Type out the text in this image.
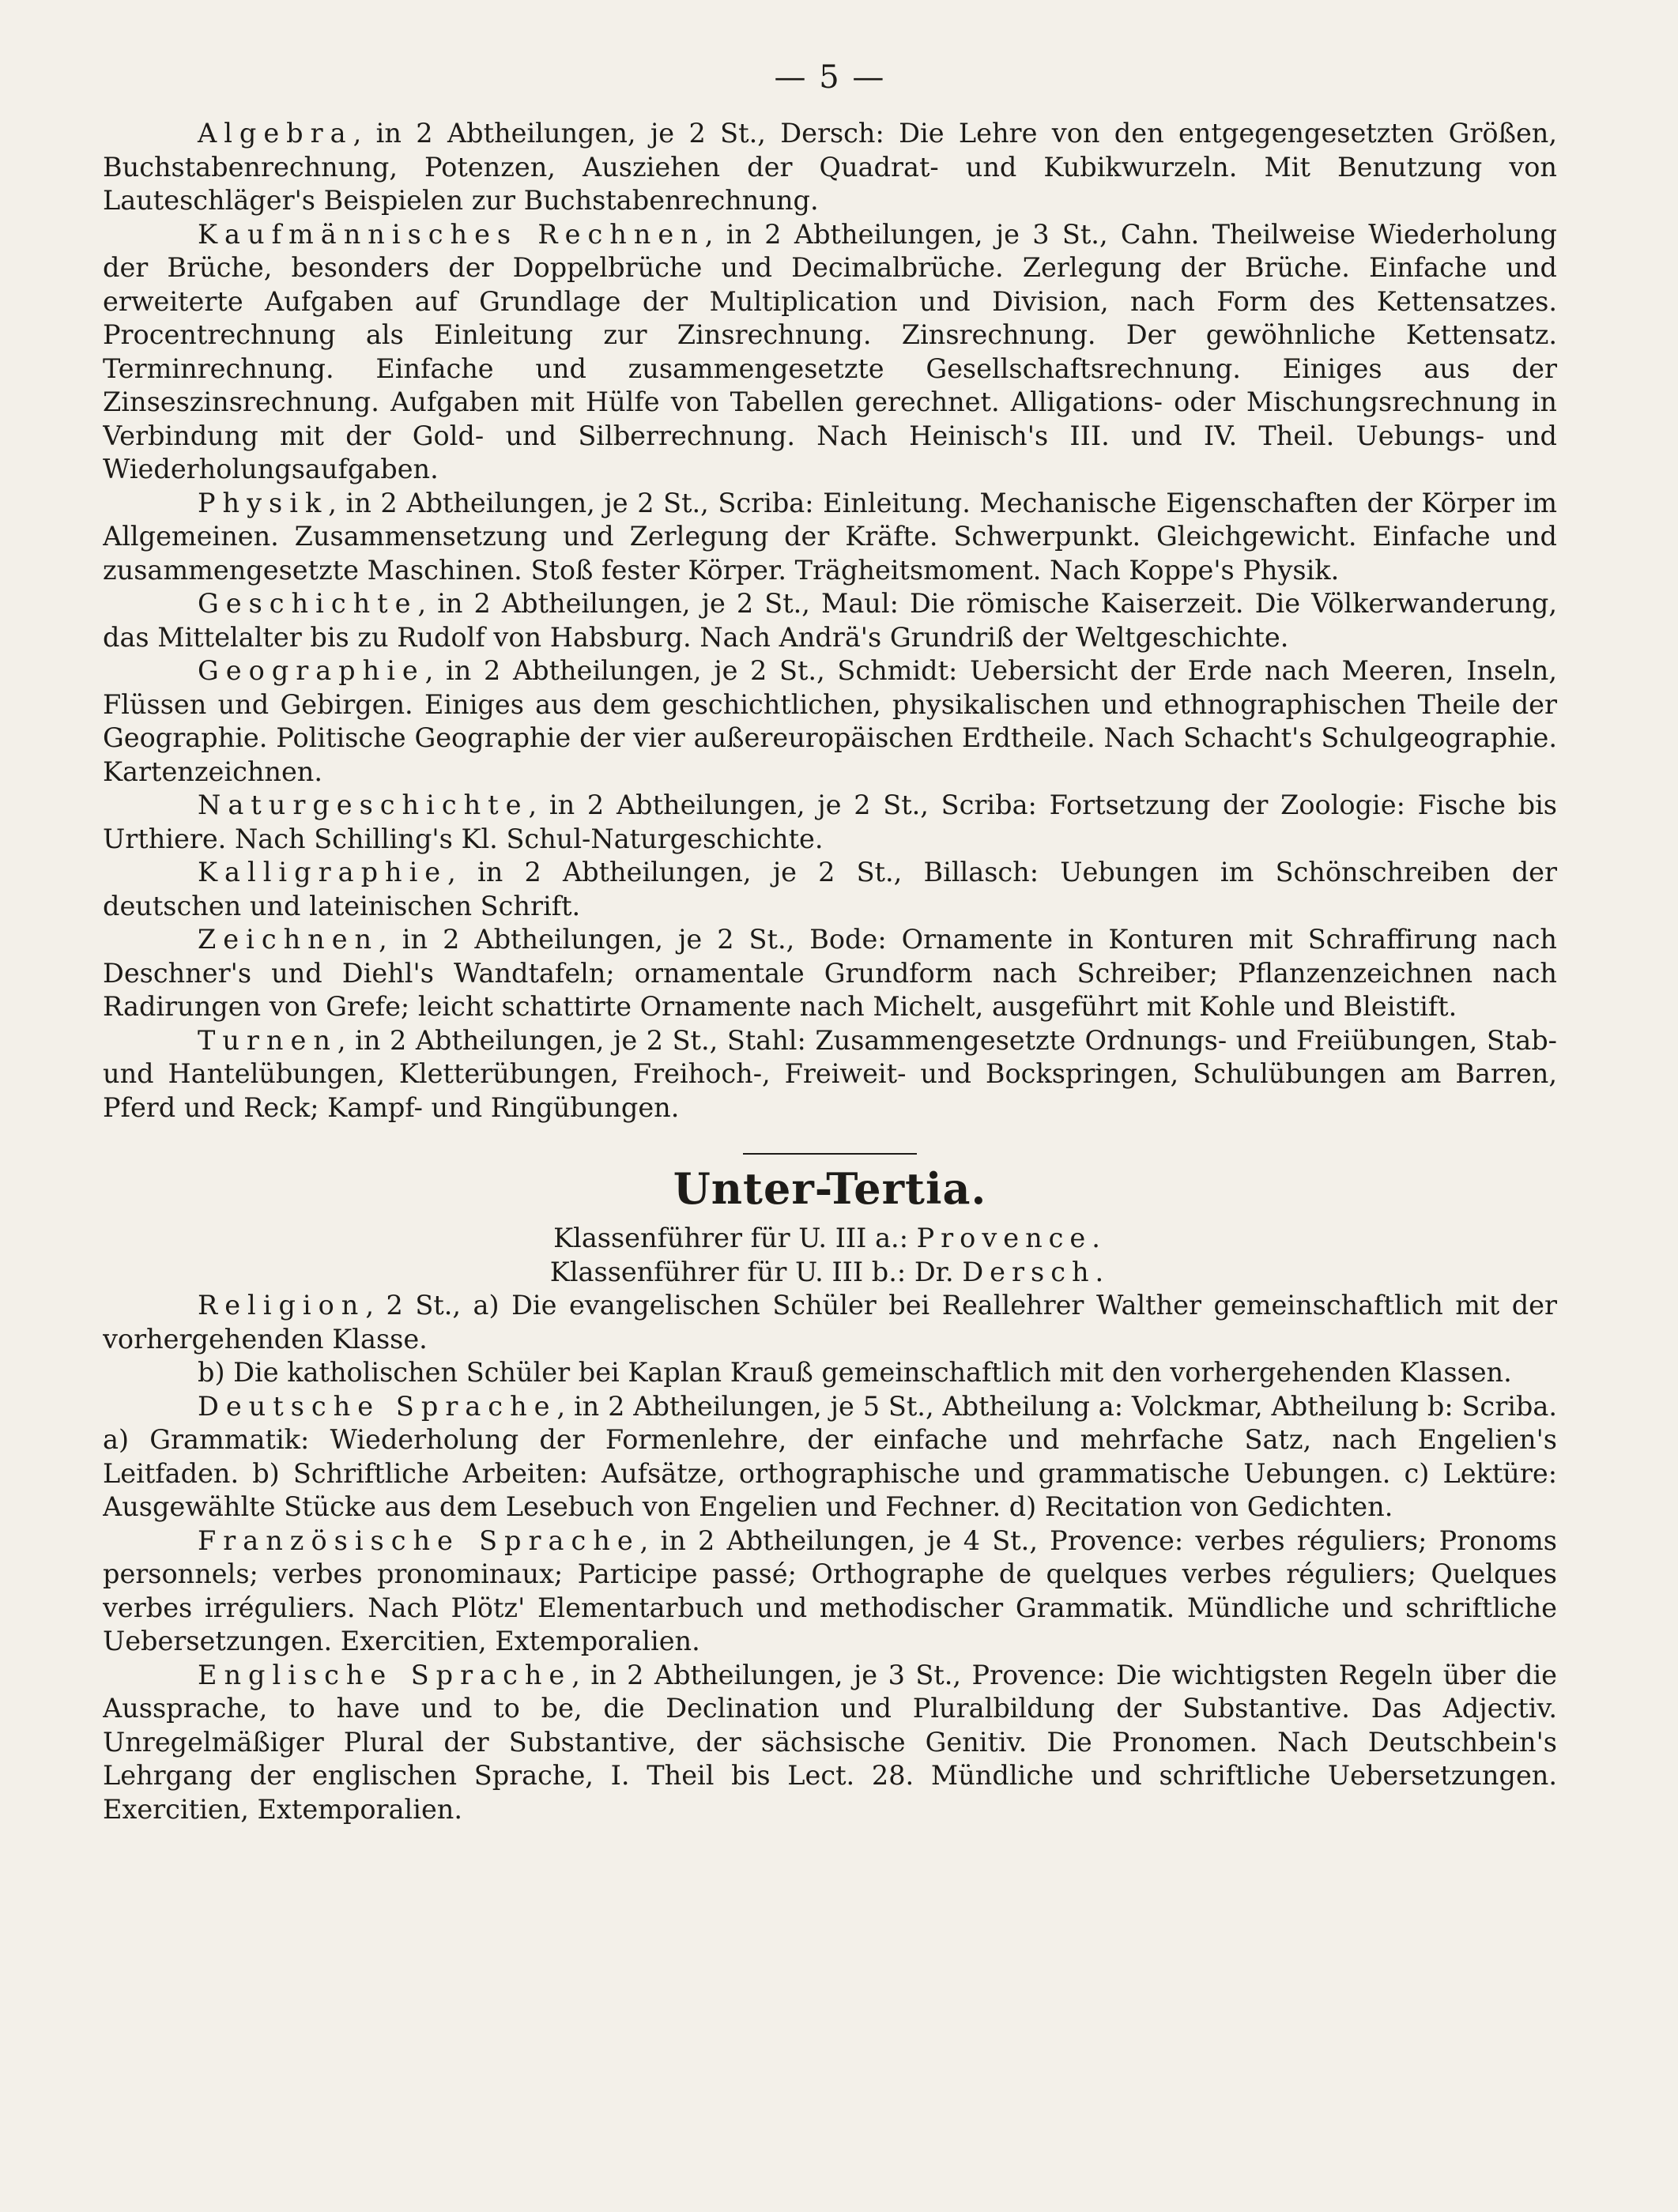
— 5 —

Algebra, in 2 Abtheilungen, je 2 St., Dersch: Die Lehre von den entgegengesetzten Größen, Buchstabenrechnung, Potenzen, Ausziehen der Quadrat- und Kubikwurzeln. Mit Benutzung von Lauteschläger's Beispielen zur Buchstabenrechnung.

Kaufmännisches Rechnen, in 2 Abtheilungen, je 3 St., Cahn. Theilweise Wiederholung der Brüche, besonders der Doppelbrüche und Decimalbrüche. Zerlegung der Brüche. Einfache und erweiterte Aufgaben auf Grundlage der Multiplication und Division, nach Form des Kettensatzes. Procentrechnung als Einleitung zur Zinsrechnung. Zinsrechnung. Der gewöhnliche Kettensatz. Terminrechnung. Einfache und zusammengesetzte Gesellschaftsrechnung. Einiges aus der Zinseszinsrechnung. Aufgaben mit Hülfe von Tabellen gerechnet. Alligations- oder Mischungsrechnung in Verbindung mit der Gold- und Silberrechnung. Nach Heinisch's III. und IV. Theil. Uebungs- und Wiederholungsaufgaben.

Physik, in 2 Abtheilungen, je 2 St., Scriba: Einleitung. Mechanische Eigenschaften der Körper im Allgemeinen. Zusammensetzung und Zerlegung der Kräfte. Schwerpunkt. Gleichgewicht. Einfache und zusammengesetzte Maschinen. Stoß fester Körper. Trägheitsmoment. Nach Koppe's Physik.

Geschichte, in 2 Abtheilungen, je 2 St., Maul: Die römische Kaiserzeit. Die Völkerwanderung, das Mittelalter bis zu Rudolf von Habsburg. Nach Andrä's Grundriß der Weltgeschichte.

Geographie, in 2 Abtheilungen, je 2 St., Schmidt: Uebersicht der Erde nach Meeren, Inseln, Flüssen und Gebirgen. Einiges aus dem geschichtlichen, physikalischen und ethnographischen Theile der Geographie. Politische Geographie der vier außereuropäischen Erdtheile. Nach Schacht's Schulgeographie. Kartenzeichnen.

Naturgeschichte, in 2 Abtheilungen, je 2 St., Scriba: Fortsetzung der Zoologie: Fische bis Urthiere. Nach Schilling's Kl. Schul-Naturgeschichte.

Kalligraphie, in 2 Abtheilungen, je 2 St., Billasch: Uebungen im Schönschreiben der deutschen und lateinischen Schrift.

Zeichnen, in 2 Abtheilungen, je 2 St., Bode: Ornamente in Konturen mit Schraffirung nach Deschner's und Diehl's Wandtafeln; ornamentale Grundform nach Schreiber; Pflanzenzeichnen nach Radirungen von Grefe; leicht schattirte Ornamente nach Michelt, ausgeführt mit Kohle und Bleistift.

Turnen, in 2 Abtheilungen, je 2 St., Stahl: Zusammengesetzte Ordnungs- und Freiübungen, Stab- und Hantelübungen, Kletterübungen, Freihoch-, Freiweit- und Bockspringen, Schulübungen am Barren, Pferd und Reck; Kampf- und Ringübungen.

Unter-Tertia.

Klassenführer für U. III a.: Provence.

Klassenführer für U. III b.: Dr. Dersch.

Religion, 2 St., a) Die evangelischen Schüler bei Reallehrer Walther gemeinschaftlich mit der vorhergehenden Klasse.

b) Die katholischen Schüler bei Kaplan Krauß gemeinschaftlich mit den vorhergehenden Klassen.

Deutsche Sprache, in 2 Abtheilungen, je 5 St., Abtheilung a: Volckmar, Abtheilung b: Scriba. a) Grammatik: Wiederholung der Formenlehre, der einfache und mehrfache Satz, nach Engelien's Leitfaden. b) Schriftliche Arbeiten: Aufsätze, orthographische und grammatische Uebungen. c) Lektüre: Ausgewählte Stücke aus dem Lesebuch von Engelien und Fechner. d) Recitation von Gedichten.

Französische Sprache, in 2 Abtheilungen, je 4 St., Provence: verbes réguliers; Pronoms personnels; verbes pronominaux; Participe passé; Orthographe de quelques verbes réguliers; Quelques verbes irréguliers. Nach Plötz' Elementarbuch und methodischer Grammatik. Mündliche und schriftliche Uebersetzungen. Exercitien, Extemporalien.

Englische Sprache, in 2 Abtheilungen, je 3 St., Provence: Die wichtigsten Regeln über die Aussprache, to have und to be, die Declination und Pluralbildung der Substantive. Das Adjectiv. Unregelmäßiger Plural der Substantive, der sächsische Genitiv. Die Pronomen. Nach Deutschbein's Lehrgang der englischen Sprache, I. Theil bis Lect. 28. Mündliche und schriftliche Uebersetzungen. Exercitien, Extemporalien.
